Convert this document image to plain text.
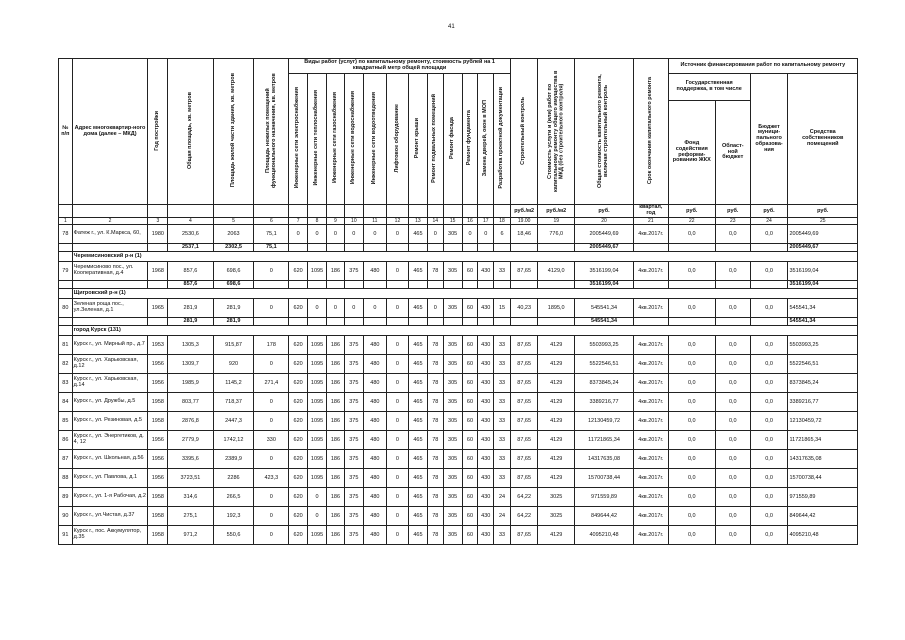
41
№ п/п	Адрес многоквартир-ного дома (далее – МКД)	Год постройки	Общая площадь, кв. метров	Площадь жилой части здания, кв. метров	Площадь нежилых помещений функционального назначения, кв. метров	Виды работ (услуг) по капитальному ремонту, стоимость рублей на 1 квадратный метр общей площади												Строительный контроль	Стоимость услуги и (или) работ по капитальному ремонту общего имущества в МКД (без строительного контроля)	Общая стоимость капитального ремонта, включая строительный контроль	Срок окончания капитального ремонта	Источник финансирования работ по капитальному ремонту			
						Инженерные сети электроснабжения	Инженерные сети теплоснабжения	Инженерные сети газоснабжения	Инженерные сети водоснабжения	Инженерные сети водоотведения	Лифтовое оборудование	Ремонт крыши	Ремонт подвальных помещений	Ремонт фасада	Ремонт фундамента	Замена дверей, окон в МОП	Разработка проектной документации					Государственная поддержка, в том числе		Бюджет муници-пального образова-ния	Средства собственников помещений
																						Фонд содействия реформи-рованию ЖКХ	Област-ной бюджет		
																		руб./м2	руб./м2	руб.	квартал, год	руб.	руб.	руб.	руб.
1	2	3	4	5	6	7	8	9	10	11	12	13	14	15	16	17	18	19.00	19	20	21	22	23	24	25
78	Фатеж г., ул. К.Маркса, 60,	1980	2530,6	2063	75,1	0	0	0	0	0	0	465	0	305	0	0	6	18,46	776,0	2005449,69	4кв.2017г.	0,0	0,0	0,0	2005449,69
			2537,1	2302,5	75,1															2005449,67					2005449,67
	Черемисиновский р-н (1)																								
79	Черемисиново пос., ул. Кооперативная, д.4	1968	857,6	698,6	0	620	1095	186	375	480	0	465	78	305	60	430	33	87,65	4129,0	3516199,04	4кв.2017г.	0,0	0,0	0,0	3516199,04
			857,6	698,6																3516199,04					3516199,04
	Щигровский р-н (1)																								
80	Зеленая роща пос., ул.Зеленая, д.1	1965	281,9	281,9	0	620	0	0	0	0	0	465	0	305	60	430	15	40,23	1895,0	545541,34	4кв.2017г.	0,0	0,0	0,0	545541,34
			281,9	281,9																545541,34					545541,34
	город Курск (131)																								
81	Курск г., ул. Мирный пр., д.7	1953	1305,3	915,87	178	620	1095	186	375	480	0	465	78	305	60	430	33	87,65	4129	5503993,25	4кв.2017г.	0,0	0,0	0,0	5503993,25
82	Курск г., ул. Харьковская, д.12	1956	1309,7	920	0	620	1095	186	375	480	0	465	78	305	60	430	33	87,65	4129	5522546,51	4кв.2017г.	0,0	0,0	0,0	5522546,51
83	Курск г., ул. Харьковская, д.14	1956	1985,9	1145,2	271,4	620	1095	186	375	480	0	465	78	305	60	430	33	87,65	4129	8373845,24	4кв.2017г.	0,0	0,0	0,0	8373845,24
84	Курск г., ул. Дружбы, д.5	1958	803,77	718,37	0	620	1095	186	375	480	0	465	78	305	60	430	33	87,65	4129	3389216,77	4кв.2017г.	0,0	0,0	0,0	3389216,77
85	Курск г., ул. Резиновая, д.5	1958	2876,8	2447,3	0	620	1095	186	375	480	0	465	78	305	60	430	33	87,65	4129	12130459,72	4кв.2017г.	0,0	0,0	0,0	12130459,72
86	Курск г., ул. Энергетиков, д. 4, 12	1956	2779,9	1742,12	330	620	1095	186	375	480	0	465	78	305	60	430	33	87,65	4129	11721865,34	4кв.2017г.	0,0	0,0	0,0	11721865,34
87	Курск г., ул. Школьная, д.56	1956	3395,6	2389,9	0	620	1095	186	375	480	0	465	78	305	60	430	33	87,65	4129	14317635,08	4кв.2017г.	0,0	0,0	0,0	14317635,08
88	Курск г., ул. Павлова, д.1	1956	3723,51	2286	423,3	620	1095	186	375	480	0	465	78	305	60	430	33	87,65	4129	15700738,44	4кв.2017г.	0,0	0,0	0,0	15700738,44
89	Курск г., ул. 1-я Рабочая, д.2	1958	314,6	266,5	0	620	0	186	375	480	0	465	78	305	60	430	24	64,22	3025	971559,89	4кв.2017г.	0,0	0,0	0,0	971559,89
90	Курск г., ул.Чистая, д.37	1958	275,1	192,3	0	620	0	186	375	480	0	465	78	305	60	430	24	64,22	3025	849644,42	4кв.2017г.	0,0	0,0	0,0	849644,42
91	Курск г., пос. Аккумулятор, д.35	1958	971,2	550,6	0	620	1095	186	375	480	0	465	78	305	60	430	33	87,65	4129	4095210,48	4кв.2017г.	0,0	0,0	0,0	4095210,48
